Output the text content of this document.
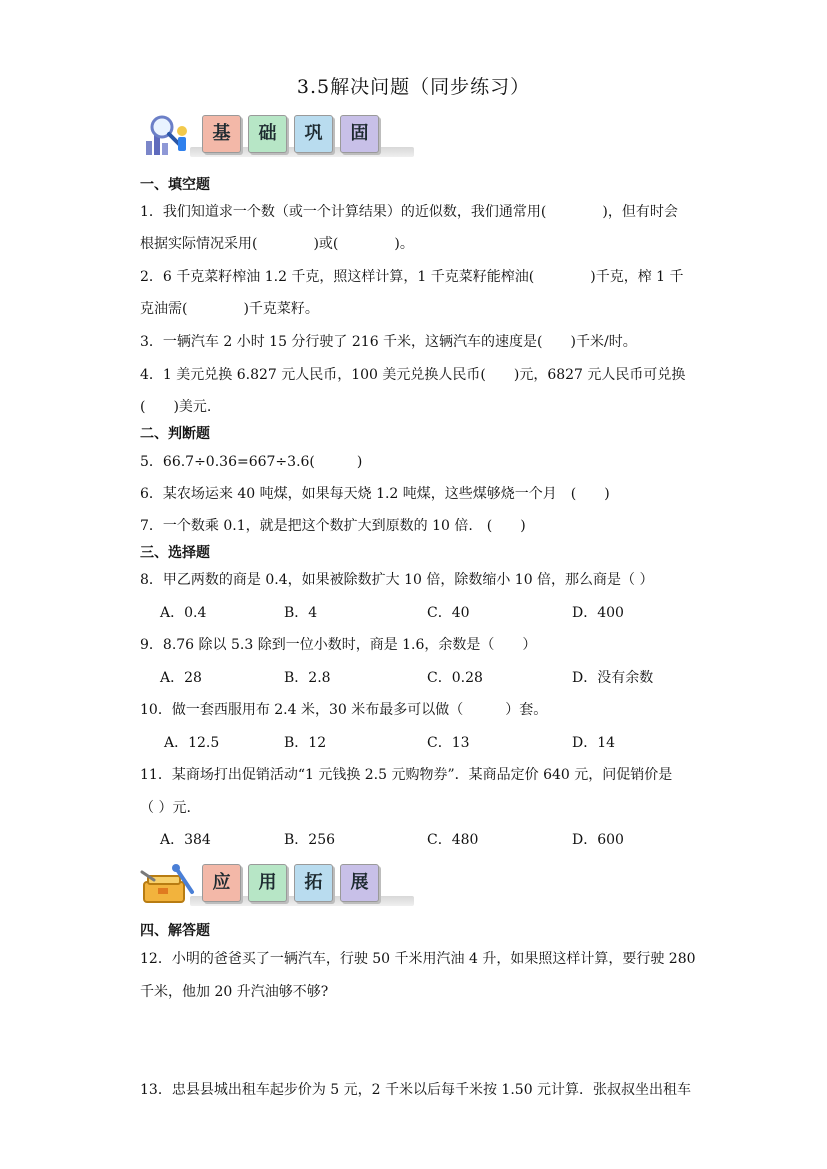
3.5解决问题（同步练习）
基	础	巩	固
一、填空题
1．我们知道求一个数（或一个计算结果）的近似数，我们通常用(　　　　)，但有时会
根据实际情况采用(　　　　)或(　　　　)。
2．6 千克菜籽榨油 1.2 千克，照这样计算，1 千克菜籽能榨油(　　　　)千克，榨 1 千
克油需(　　　　)千克菜籽。
3．一辆汽车 2 小时 15 分行驶了 216 千米，这辆汽车的速度是(　　)千米/时。
4．1 美元兑换 6.827 元人民币，100 美元兑换人民币(　　)元，6827 元人民币可兑换
(　　)美元.
二、判断题
5．66.7÷0.36=667÷3.6(　　　)
6．某农场运来 40 吨煤，如果每天烧 1.2 吨煤，这些煤够烧一个月　(　　)
7．一个数乘 0.1，就是把这个数扩大到原数的 10 倍.　(　　)
三、选择题
8．甲乙两数的商是 0.4，如果被除数扩大 10 倍，除数缩小 10 倍，那么商是（ ）
A．0.4	B．4	C．40	D．400
9．8.76 除以 5.3 除到一位小数时，商是 1.6，余数是（　　）
A．28	B．2.8	C．0.28	D．没有余数
10．做一套西服用布 2.4 米，30 米布最多可以做（　　　）套。
A．12.5	B．12	C．13	D．14
11．某商场打出促销活动“1 元钱换 2.5 元购物券”．某商品定价 640 元，问促销价是
（ ）元.
A．384	B．256	C．480	D．600
应	用	拓	展
四、解答题
12．小明的爸爸买了一辆汽车，行驶 50 千米用汽油 4 升，如果照这样计算，要行驶 280
千米，他加 20 升汽油够不够?
13．忠县县城出租车起步价为 5 元，2 千米以后每千米按 1.50 元计算．张叔叔坐出租车
